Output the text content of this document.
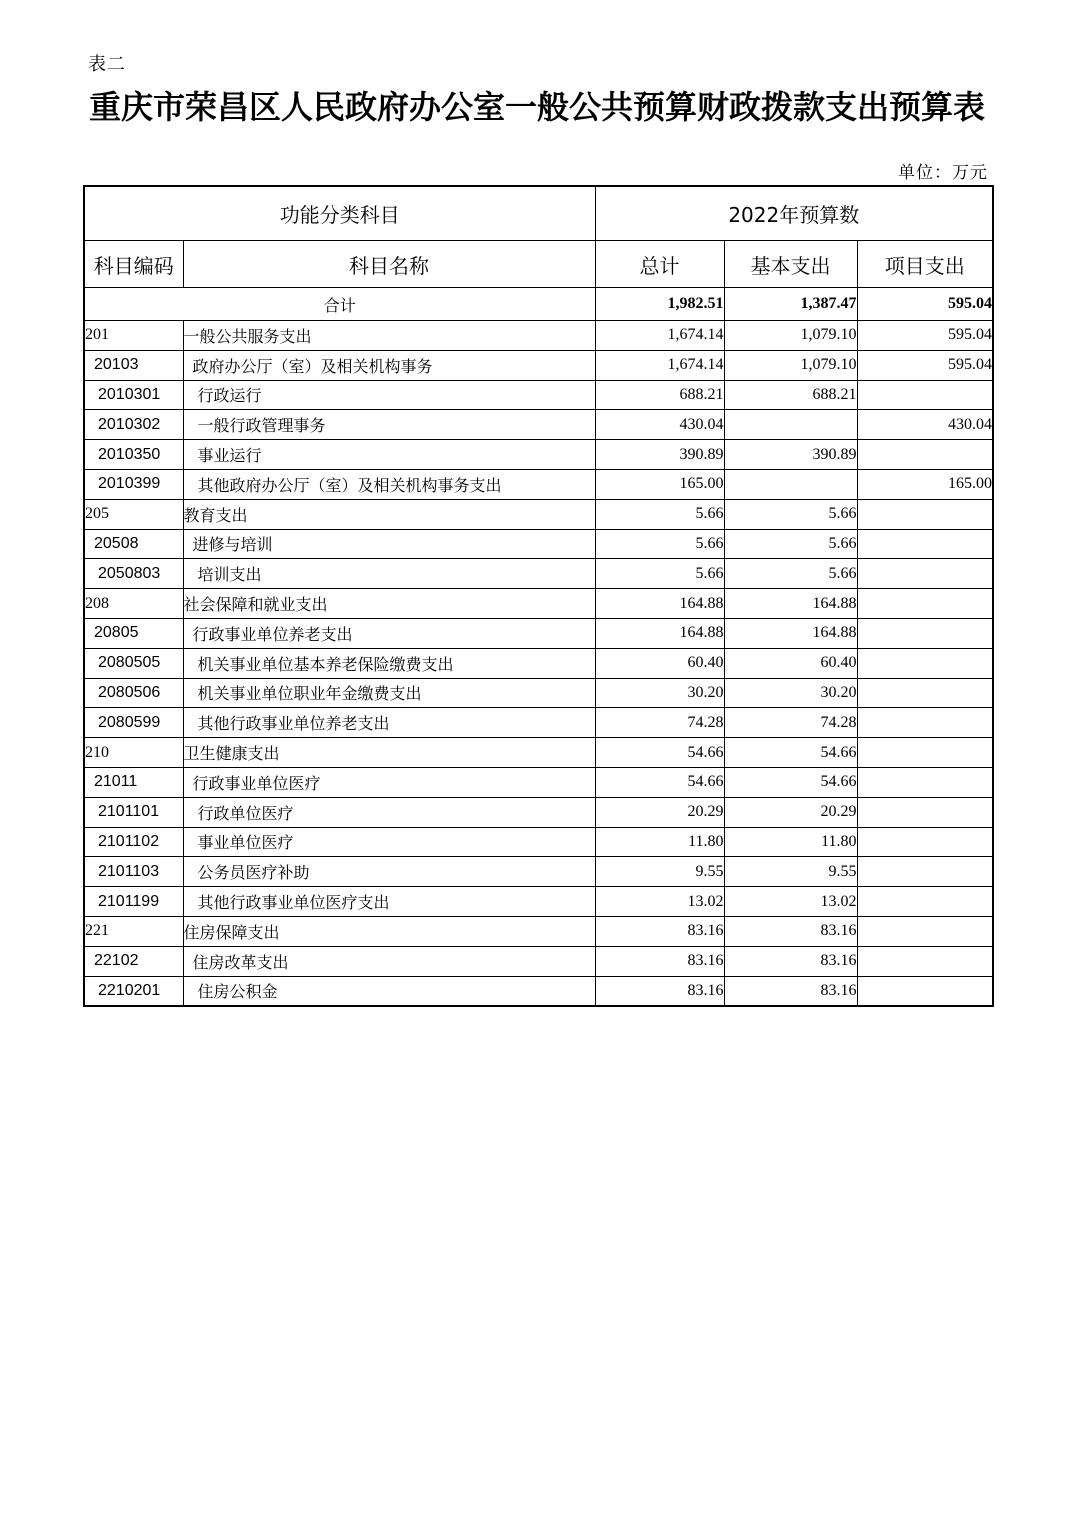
表二
重庆市荣昌区人民政府办公室一般公共预算财政拨款支出预算表
单位：万元
功能分类科目		2022年预算数		
科目编码	科目名称	总计	基本支出	项目支出
合计		1,982.51	1,387.47	595.04
201	一般公共服务支出	1,674.14	1,079.10	595.04
20103	政府办公厅（室）及相关机构事务	1,674.14	1,079.10	595.04
2010301	行政运行	688.21	688.21	
2010302	一般行政管理事务	430.04		430.04
2010350	事业运行	390.89	390.89	
2010399	其他政府办公厅（室）及相关机构事务支出	165.00		165.00
205	教育支出	5.66	5.66	
20508	进修与培训	5.66	5.66	
2050803	培训支出	5.66	5.66	
208	社会保障和就业支出	164.88	164.88	
20805	行政事业单位养老支出	164.88	164.88	
2080505	机关事业单位基本养老保险缴费支出	60.40	60.40	
2080506	机关事业单位职业年金缴费支出	30.20	30.20	
2080599	其他行政事业单位养老支出	74.28	74.28	
210	卫生健康支出	54.66	54.66	
21011	行政事业单位医疗	54.66	54.66	
2101101	行政单位医疗	20.29	20.29	
2101102	事业单位医疗	11.80	11.80	
2101103	公务员医疗补助	9.55	9.55	
2101199	其他行政事业单位医疗支出	13.02	13.02	
221	住房保障支出	83.16	83.16	
22102	住房改革支出	83.16	83.16	
2210201	住房公积金	83.16	83.16	
